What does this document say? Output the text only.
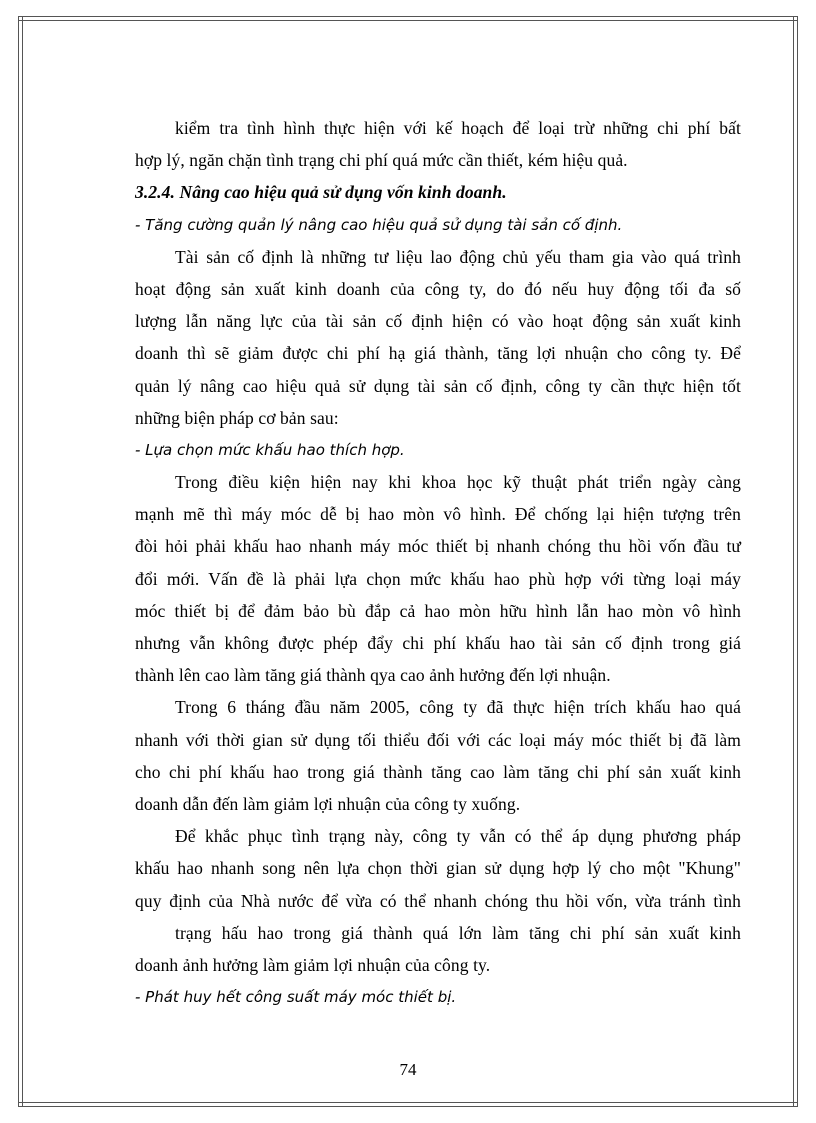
kiểm tra tình hình thực hiện với kế hoạch để loại trừ những chi phí bất
hợp lý, ngăn chặn tình trạng chi phí quá mức cần thiết, kém hiệu quả.
3.2.4. Nâng cao hiệu quả sử dụng vốn kinh doanh.
- Tăng cường quản lý nâng cao hiệu quả sử dụng tài sản cố định.
Tài sản cố định là những tư liệu lao động chủ yếu tham gia vào quá trình
hoạt động sản xuất kinh doanh của công ty, do đó nếu huy động tối đa số
lượng lẫn năng lực của tài sản cố định hiện có vào hoạt động sản xuất kinh
doanh thì sẽ giảm được chi phí hạ giá thành, tăng lợi nhuận cho công ty. Để
quản lý nâng cao hiệu quả sử dụng tài sản cố định, công ty cần thực hiện tốt
những biện pháp cơ bản sau:
- Lựa chọn mức khấu hao thích hợp.
Trong điều kiện hiện nay khi khoa học kỹ thuật phát triển ngày càng
mạnh mẽ thì máy móc dễ bị hao mòn vô hình. Để chống lại hiện tượng trên
đòi hỏi phải khấu hao nhanh máy móc thiết bị nhanh chóng thu hồi vốn đầu tư
đổi mới. Vấn đề là phải lựa chọn mức khấu hao phù hợp với từng loại máy
móc thiết bị để đảm bảo bù đắp cả hao mòn hữu hình lẫn hao mòn vô hình
nhưng vẫn không được phép đẩy chi phí khấu hao tài sản cố định trong giá
thành lên cao làm tăng giá thành qya cao ảnh hưởng đến lợi nhuận.
Trong 6 tháng đầu năm 2005, công ty đã thực hiện trích khấu hao quá
nhanh với thời gian sử dụng tối thiểu đối với các loại máy móc thiết bị đã làm
cho chi phí khấu hao trong giá thành tăng cao làm tăng chi phí sản xuất kinh
doanh dẫn đến làm giảm lợi nhuận của công ty xuống.
Để khắc phục tình trạng này, công ty vẫn có thể áp dụng phương pháp
khấu hao nhanh song nên lựa chọn thời gian sử dụng hợp lý cho một "Khung"
quy định của Nhà nước để vừa có thể nhanh chóng thu hồi vốn, vừa tránh tình
trạng hấu hao trong giá thành quá lớn làm tăng chi phí sản xuất kinh
doanh ảnh hưởng làm giảm lợi nhuận của công ty.
- Phát huy hết công suất máy móc thiết bị.
74
